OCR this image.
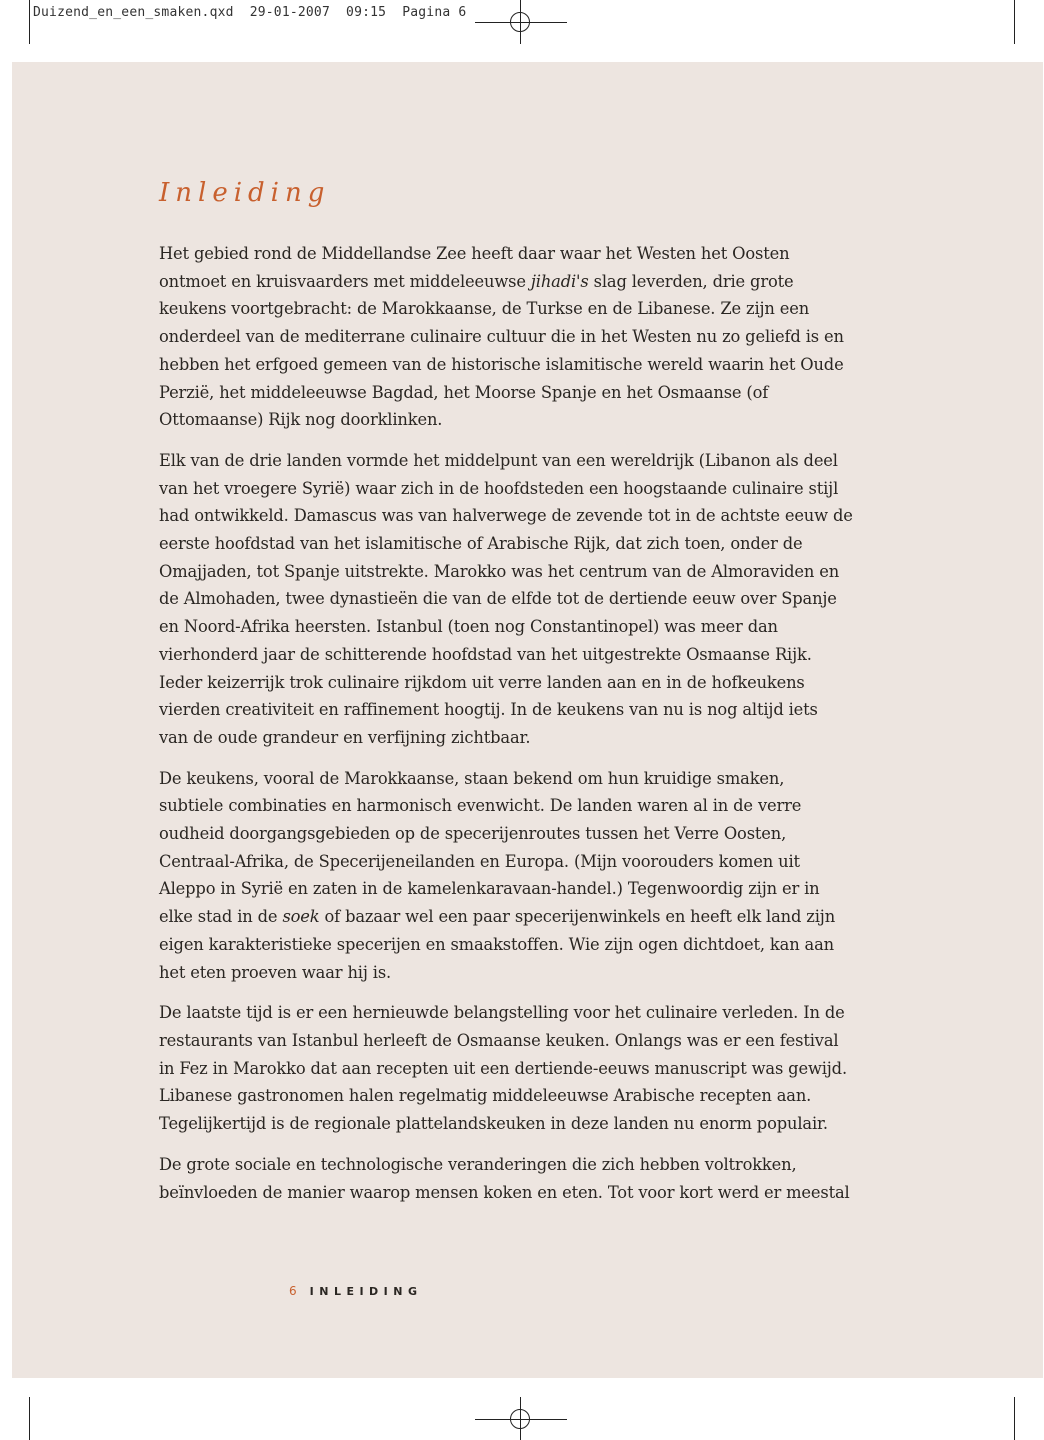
Duizend_en_een_smaken.qxd  29-01-2007  09:15  Pagina 6
Inleiding

Het gebied rond de Middellandse Zee heeft daar waar het Westen het Oosten
ontmoet en kruisvaarders met middeleeuwse jihadi's slag leverden, drie grote
keukens voortgebracht: de Marokkaanse, de Turkse en de Libanese. Ze zijn een
onderdeel van de mediterrane culinaire cultuur die in het Westen nu zo geliefd is en
hebben het erfgoed gemeen van de historische islamitische wereld waarin het Oude
Perzië, het middeleeuwse Bagdad, het Moorse Spanje en het Osmaanse (of
Ottomaanse) Rijk nog doorklinken.

Elk van de drie landen vormde het middelpunt van een wereldrijk (Libanon als deel
van het vroegere Syrië) waar zich in de hoofdsteden een hoogstaande culinaire stijl
had ontwikkeld. Damascus was van halverwege de zevende tot in de achtste eeuw de
eerste hoofdstad van het islamitische of Arabische Rijk, dat zich toen, onder de
Omajjaden, tot Spanje uitstrekte. Marokko was het centrum van de Almoraviden en
de Almohaden, twee dynastieën die van de elfde tot de dertiende eeuw over Spanje
en Noord-Afrika heersten. Istanbul (toen nog Constantinopel) was meer dan
vierhonderd jaar de schitterende hoofdstad van het uitgestrekte Osmaanse Rijk.
Ieder keizerrijk trok culinaire rijkdom uit verre landen aan en in de hofkeukens
vierden creativiteit en raffinement hoogtij. In de keukens van nu is nog altijd iets
van de oude grandeur en verfijning zichtbaar.

De keukens, vooral de Marokkaanse, staan bekend om hun kruidige smaken,
subtiele combinaties en harmonisch evenwicht. De landen waren al in de verre
oudheid doorgangsgebieden op de specerijenroutes tussen het Verre Oosten,
Centraal-Afrika, de Specerijeneilanden en Europa. (Mijn voorouders komen uit
Aleppo in Syrië en zaten in de kamelenkaravaan-handel.) Tegenwoordig zijn er in
elke stad in de soek of bazaar wel een paar specerijenwinkels en heeft elk land zijn
eigen karakteristieke specerijen en smaakstoffen. Wie zijn ogen dichtdoet, kan aan
het eten proeven waar hij is.

De laatste tijd is er een hernieuwde belangstelling voor het culinaire verleden. In de
restaurants van Istanbul herleeft de Osmaanse keuken. Onlangs was er een festival
in Fez in Marokko dat aan recepten uit een dertiende-eeuws manuscript was gewijd.
Libanese gastronomen halen regelmatig middeleeuwse Arabische recepten aan.
Tegelijkertijd is de regionale plattelandskeuken in deze landen nu enorm populair.

De grote sociale en technologische veranderingen die zich hebben voltrokken,
beïnvloeden de manier waarop mensen koken en eten. Tot voor kort werd er meestal

6 INLEIDING
